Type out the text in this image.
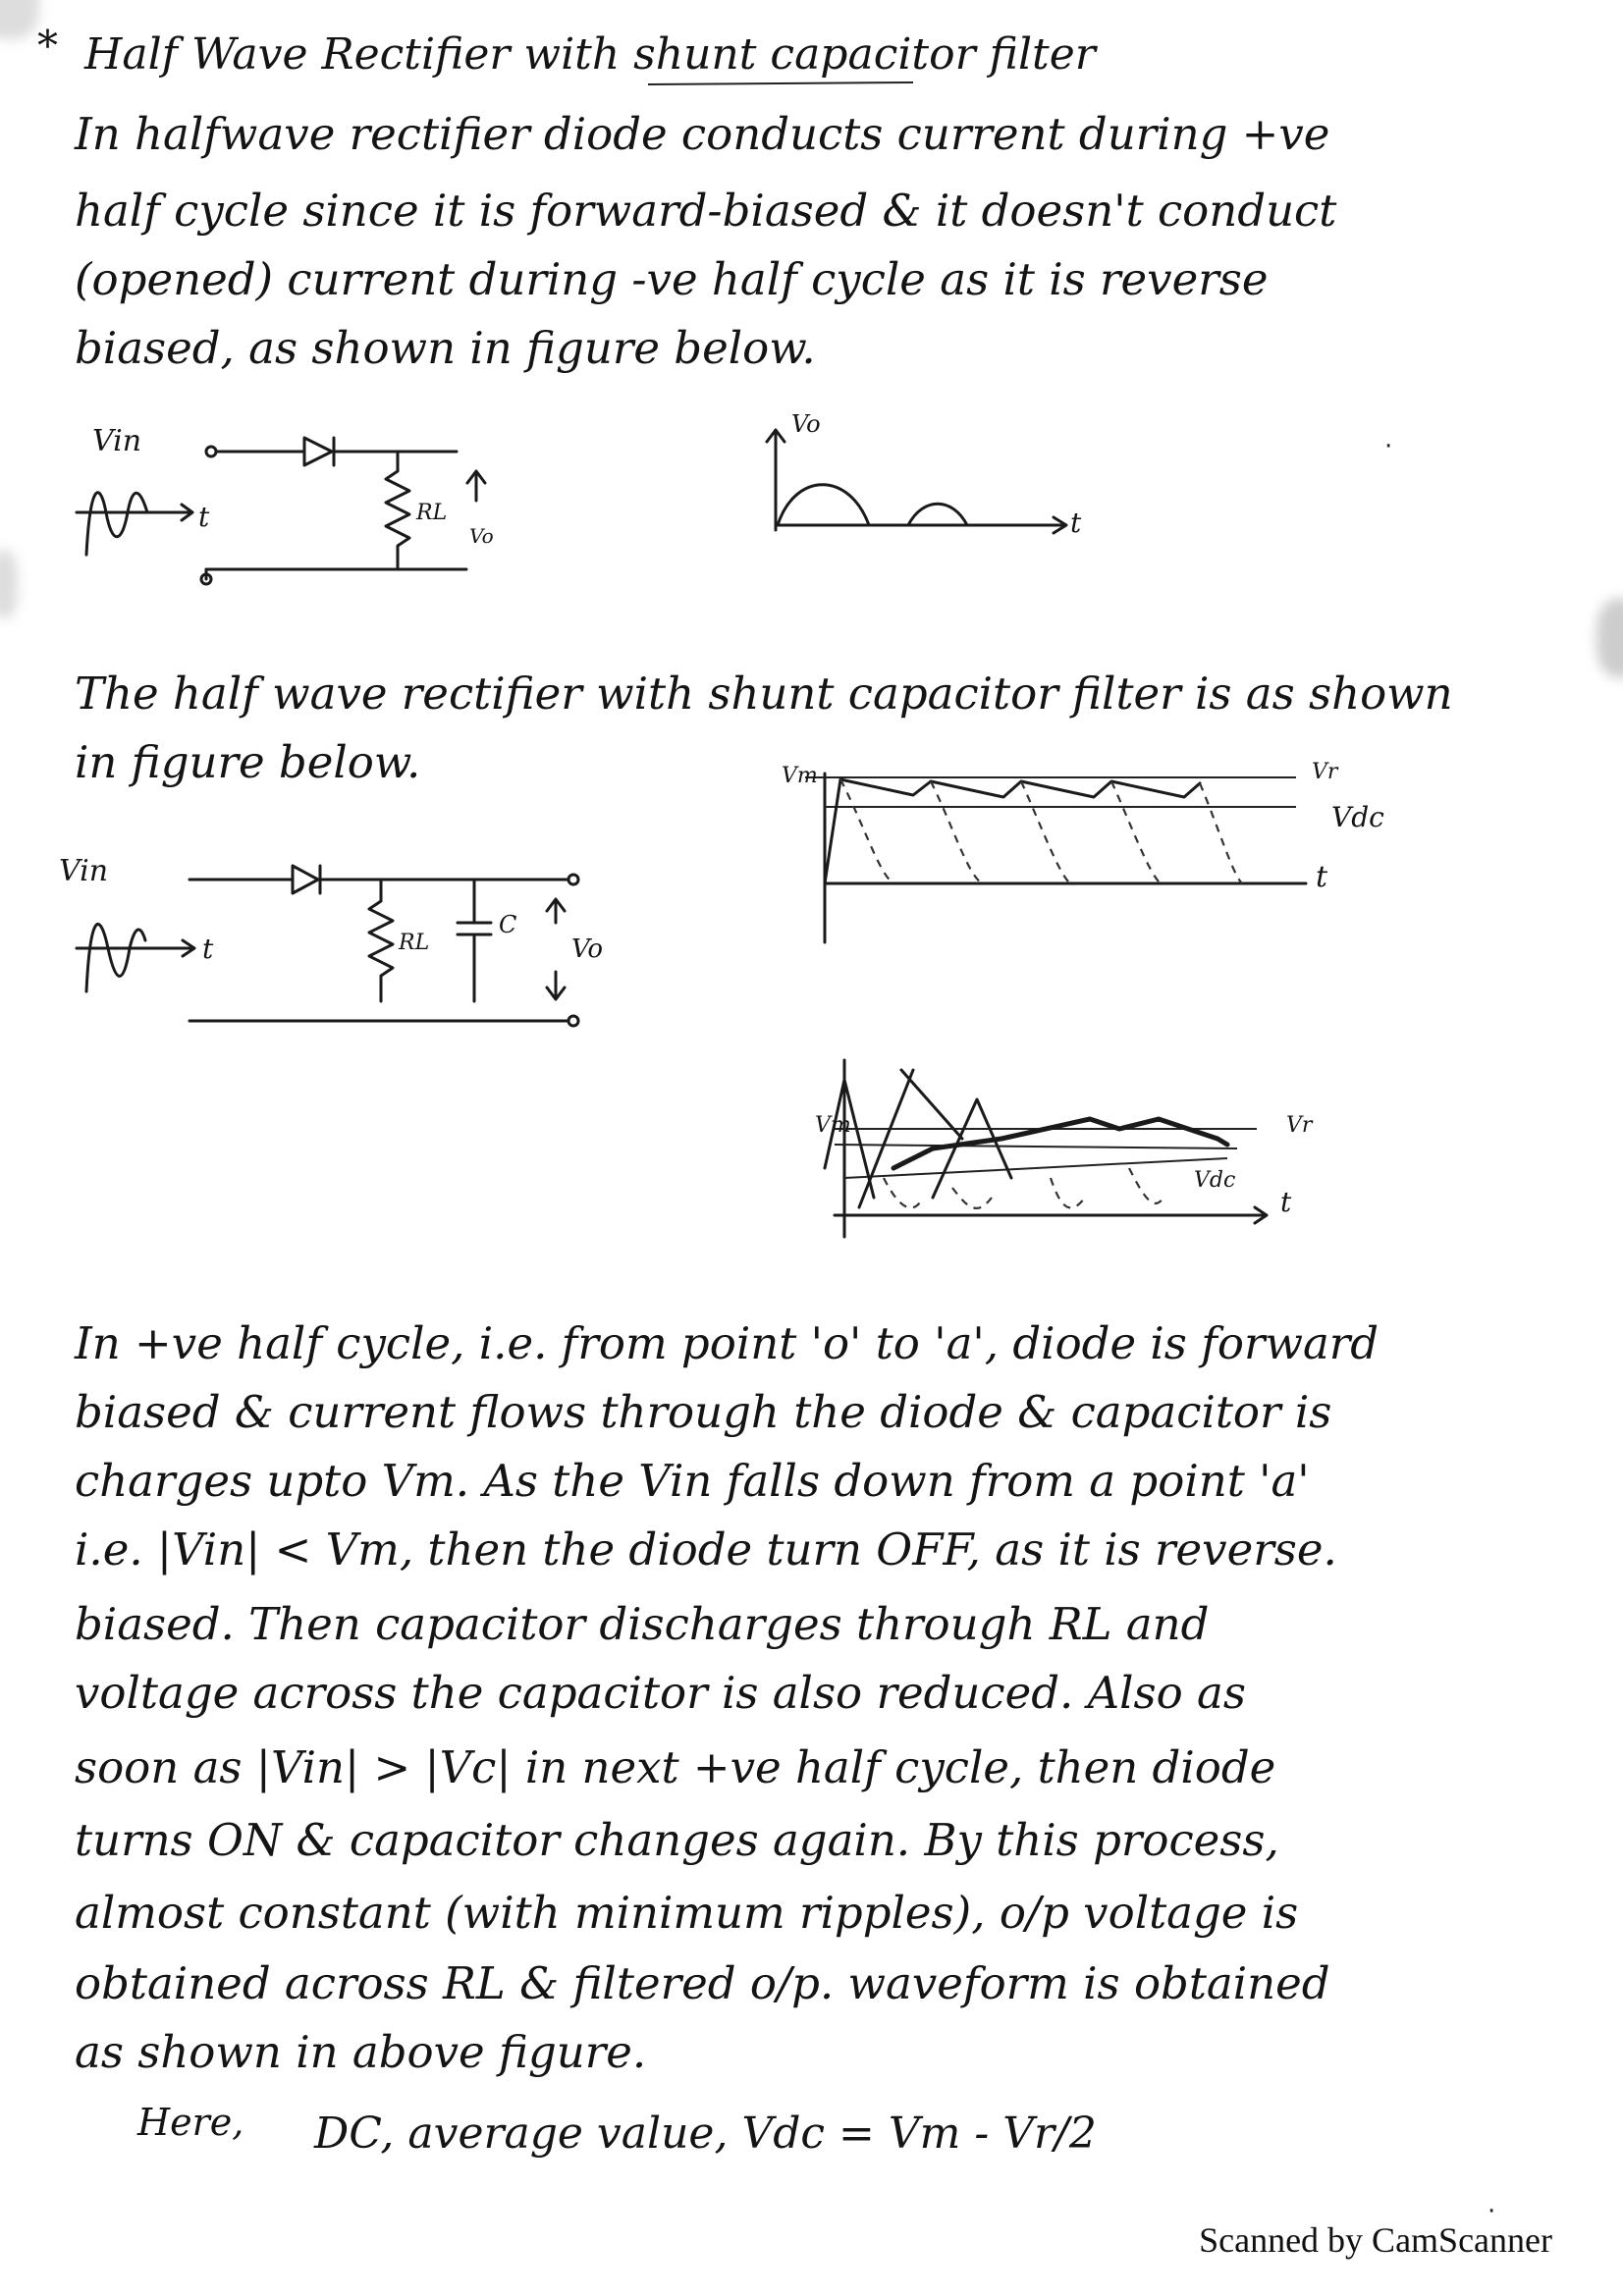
* Half Wave Rectifier with shunt capacitor filter
In halfwave rectifier diode conducts current during +ve
half cycle since it is forward-biased & it doesn't conduct
(opened) current during -ve half cycle as it is reverse
biased, as shown in figure below.
Vin
t	RL
Vo
Vo
t
The half wave rectifier with shunt capacitor filter is as shown
in figure below.	Vm	Vr
Vdc
t
Vin
t	RL
C
Vo
Vm	Vr
Vdc
t
In +ve half cycle, i.e. from point 'o' to 'a', diode is forward
biased & current flows through the diode & capacitor is
charges upto Vm. As the Vin falls down from a point 'a'
i.e. |Vin| < Vm, then the diode turn OFF, as it is reverse.
biased. Then capacitor discharges through RL and
voltage across the capacitor is also reduced. Also as
soon as |Vin| > |Vc| in next +ve half cycle, then diode
turns ON & capacitor changes again. By this process,
almost constant (with minimum ripples), o/p voltage is
obtained across RL & filtered o/p. waveform is obtained
as shown in above figure.
Here, DC, average value, Vdc = Vm - Vr/2
·
·
Scanned by CamScanner
